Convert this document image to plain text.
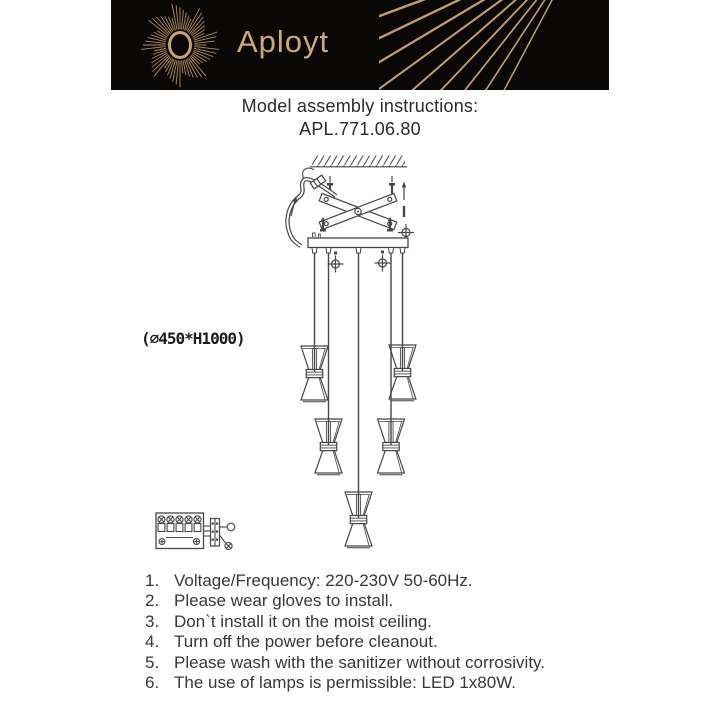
Aployt
Model assembly instructions:
APL.771.06.80
(∅450*H1000)
1. Voltage/Frequency: 220-230V 50-60Hz.
2. Please wear gloves to install.
3. Don`t install it on the moist ceiling.
4. Turn off the power before cleanout.
5. Please wash with the sanitizer without corrosivity.
6. The use of lamps is permissible: LED 1x80W.
